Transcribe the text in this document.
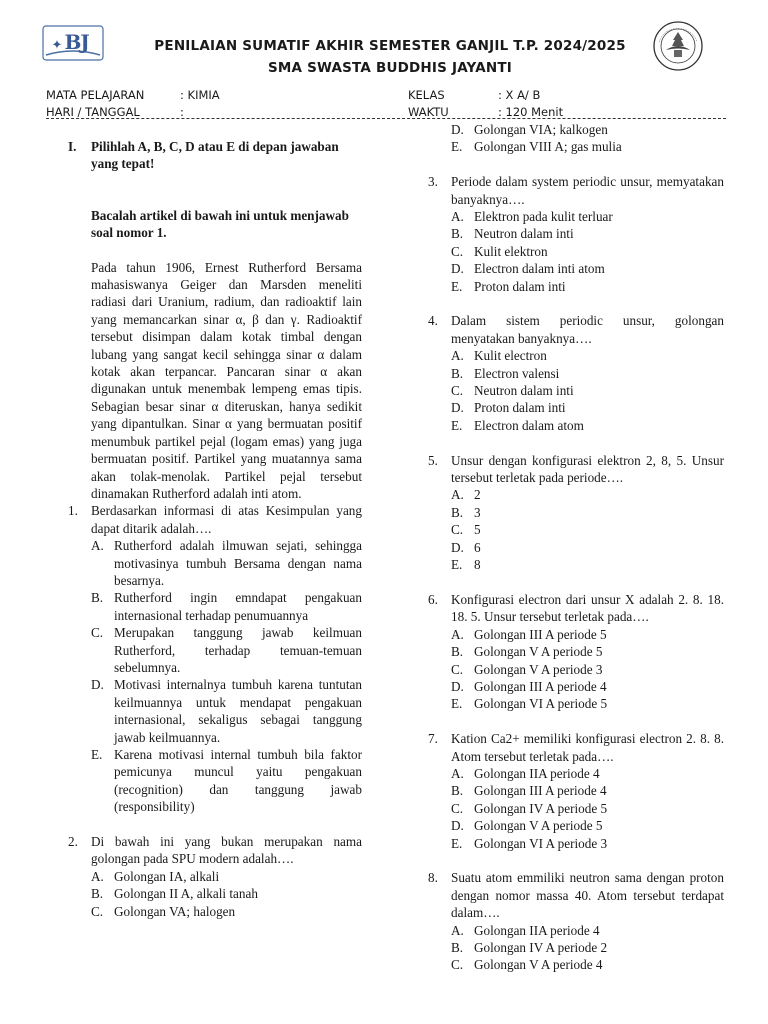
B
J
✦	PENILAIAN SUMATIF AKHIR SEMESTER GANJIL T.P. 2024/2025
SMA SWASTA BUDDHIS JAYANTI
MATA PELAJARAN	: KIMIA	KELAS	: X A/ B
HARI / TANGGAL	:	WAKTU	: 120 Menit
I.	Pilihlah A, B, C, D atau E di depan jawaban yang tepat!
Bacalah artikel di bawah ini untuk menjawab soal nomor 1.
Pada tahun 1906, Ernest Rutherford Bersama mahasiswanya Geiger dan Marsden meneliti radiasi dari Uranium, radium, dan radioaktif lain yang memancarkan sinar α, β dan γ. Radioaktif tersebut disimpan dalam kotak timbal dengan lubang yang sangat kecil sehingga sinar α dalam kotak akan terpancar. Pancaran sinar α akan digunakan untuk menembak lempeng emas tipis. Sebagian besar sinar α diteruskan, hanya sedikit yang dipantulkan. Sinar α yang bermuatan positif menumbuk partikel pejal (logam emas) yang juga bermuatan positif. Partikel yang muatannya sama akan tolak-menolak. Partikel pejal tersebut dinamakan Rutherford adalah inti atom.
1. Berdasarkan informasi di atas Kesimpulan yang dapat ditarik adalah….
A. Rutherford adalah ilmuwan sejati, sehingga motivasinya tumbuh Bersama dengan nama besarnya.
B. Rutherford ingin emndapat pengakuan internasional terhadap penumuannya
C. Merupakan tanggung jawab keilmuan Rutherford, terhadap temuan-temuan sebelumnya.
D. Motivasi internalnya tumbuh karena tuntutan keilmuannya untuk mendapat pengakuan internasional, sekaligus sebagai tanggung jawab keilmuannya.
E. Karena motivasi internal tumbuh bila faktor pemicunya muncul yaitu pengakuan (recognition) dan tanggung jawab (responsibility)
2. Di bawah ini yang bukan merupakan nama golongan pada SPU modern adalah….
A. Golongan IA, alkali
B. Golongan II A, alkali tanah
C. Golongan VA; halogen
D. Golongan VIA; kalkogen
E. Golongan VIII A; gas mulia
3. Periode dalam system periodic unsur, memyatakan banyaknya….
A. Elektron pada kulit terluar
B. Neutron dalam inti
C. Kulit elektron
D. Electron dalam inti atom
E. Proton dalam inti
4. Dalam sistem periodic unsur, golongan menyatakan banyaknya….
A. Kulit electron
B. Electron valensi
C. Neutron dalam inti
D. Proton dalam inti
E. Electron dalam atom
5. Unsur dengan konfigurasi elektron 2, 8, 5. Unsur tersebut terletak pada periode….
A. 2
B. 3
C. 5
D. 6
E. 8
6. Konfigurasi electron dari unsur X adalah 2. 8. 18. 18. 5. Unsur tersebut terletak pada….
A. Golongan III A periode 5
B. Golongan V A periode 5
C. Golongan V A periode 3
D. Golongan III A periode 4
E. Golongan VI A periode 5
7. Kation Ca2+ memiliki konfigurasi electron 2. 8. 8. Atom tersebut terletak pada….
A. Golongan IIA periode 4
B. Golongan III A periode 4
C. Golongan IV A periode 5
D. Golongan V A periode 5
E. Golongan VI A periode 3
8. Suatu atom emmiliki neutron sama dengan proton dengan nomor massa 40. Atom tersebut terdapat dalam….
A. Golongan IIA periode 4
B. Golongan IV A periode 2
C. Golongan V A periode 4
